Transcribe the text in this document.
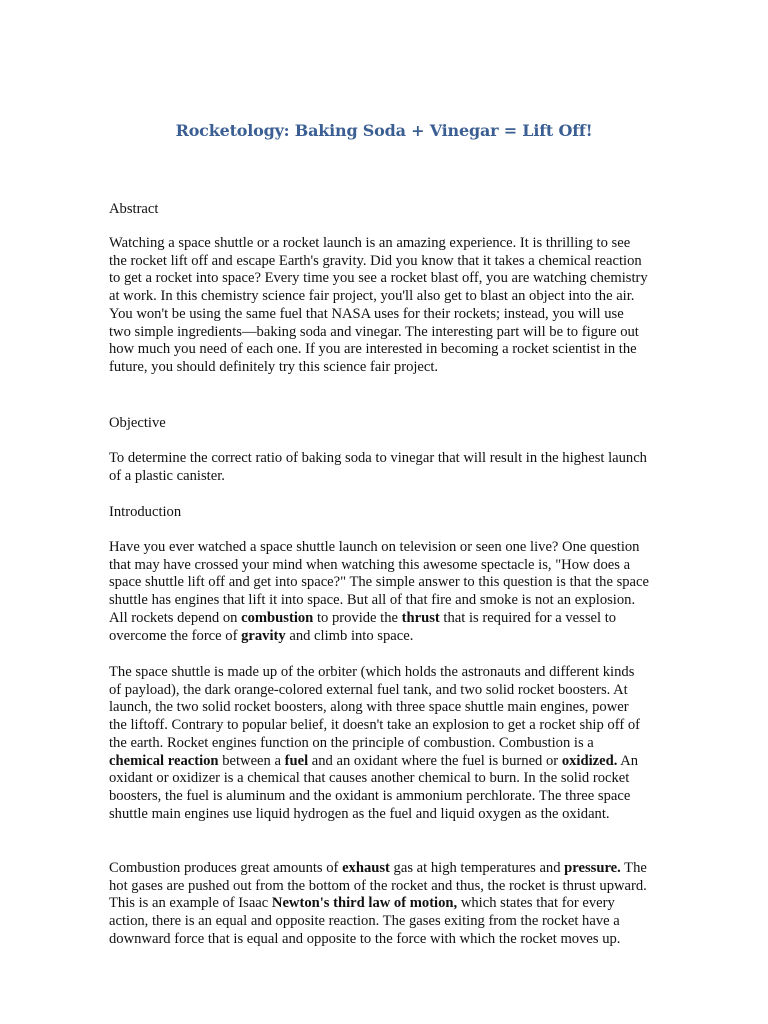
Rocketology: Baking Soda + Vinegar = Lift Off!

Abstract

Watching a space shuttle or a rocket launch is an amazing experience. It is thrilling to see the rocket lift off and escape Earth's gravity. Did you know that it takes a chemical reaction to get a rocket into space? Every time you see a rocket blast off, you are watching chemistry at work. In this chemistry science fair project, you'll also get to blast an object into the air. You won't be using the same fuel that NASA uses for their rockets; instead, you will use two simple ingredients—baking soda and vinegar. The interesting part will be to figure out how much you need of each one. If you are interested in becoming a rocket scientist in the future, you should definitely try this science fair project.

Objective

To determine the correct ratio of baking soda to vinegar that will result in the highest launch of a plastic canister.

Introduction

Have you ever watched a space shuttle launch on television or seen one live? One question that may have crossed your mind when watching this awesome spectacle is, "How does a space shuttle lift off and get into space?" The simple answer to this question is that the space shuttle has engines that lift it into space. But all of that fire and smoke is not an explosion. All rockets depend on combustion to provide the thrust that is required for a vessel to overcome the force of gravity and climb into space.

The space shuttle is made up of the orbiter (which holds the astronauts and different kinds of payload), the dark orange-colored external fuel tank, and two solid rocket boosters. At launch, the two solid rocket boosters, along with three space shuttle main engines, power the liftoff. Contrary to popular belief, it doesn't take an explosion to get a rocket ship off of the earth. Rocket engines function on the principle of combustion. Combustion is a chemical reaction between a fuel and an oxidant where the fuel is burned or oxidized. An oxidant or oxidizer is a chemical that causes another chemical to burn. In the solid rocket boosters, the fuel is aluminum and the oxidant is ammonium perchlorate. The three space shuttle main engines use liquid hydrogen as the fuel and liquid oxygen as the oxidant.

Combustion produces great amounts of exhaust gas at high temperatures and pressure. The hot gases are pushed out from the bottom of the rocket and thus, the rocket is thrust upward. This is an example of Isaac Newton's third law of motion, which states that for every action, there is an equal and opposite reaction. The gases exiting from the rocket have a downward force that is equal and opposite to the force with which the rocket moves up.
